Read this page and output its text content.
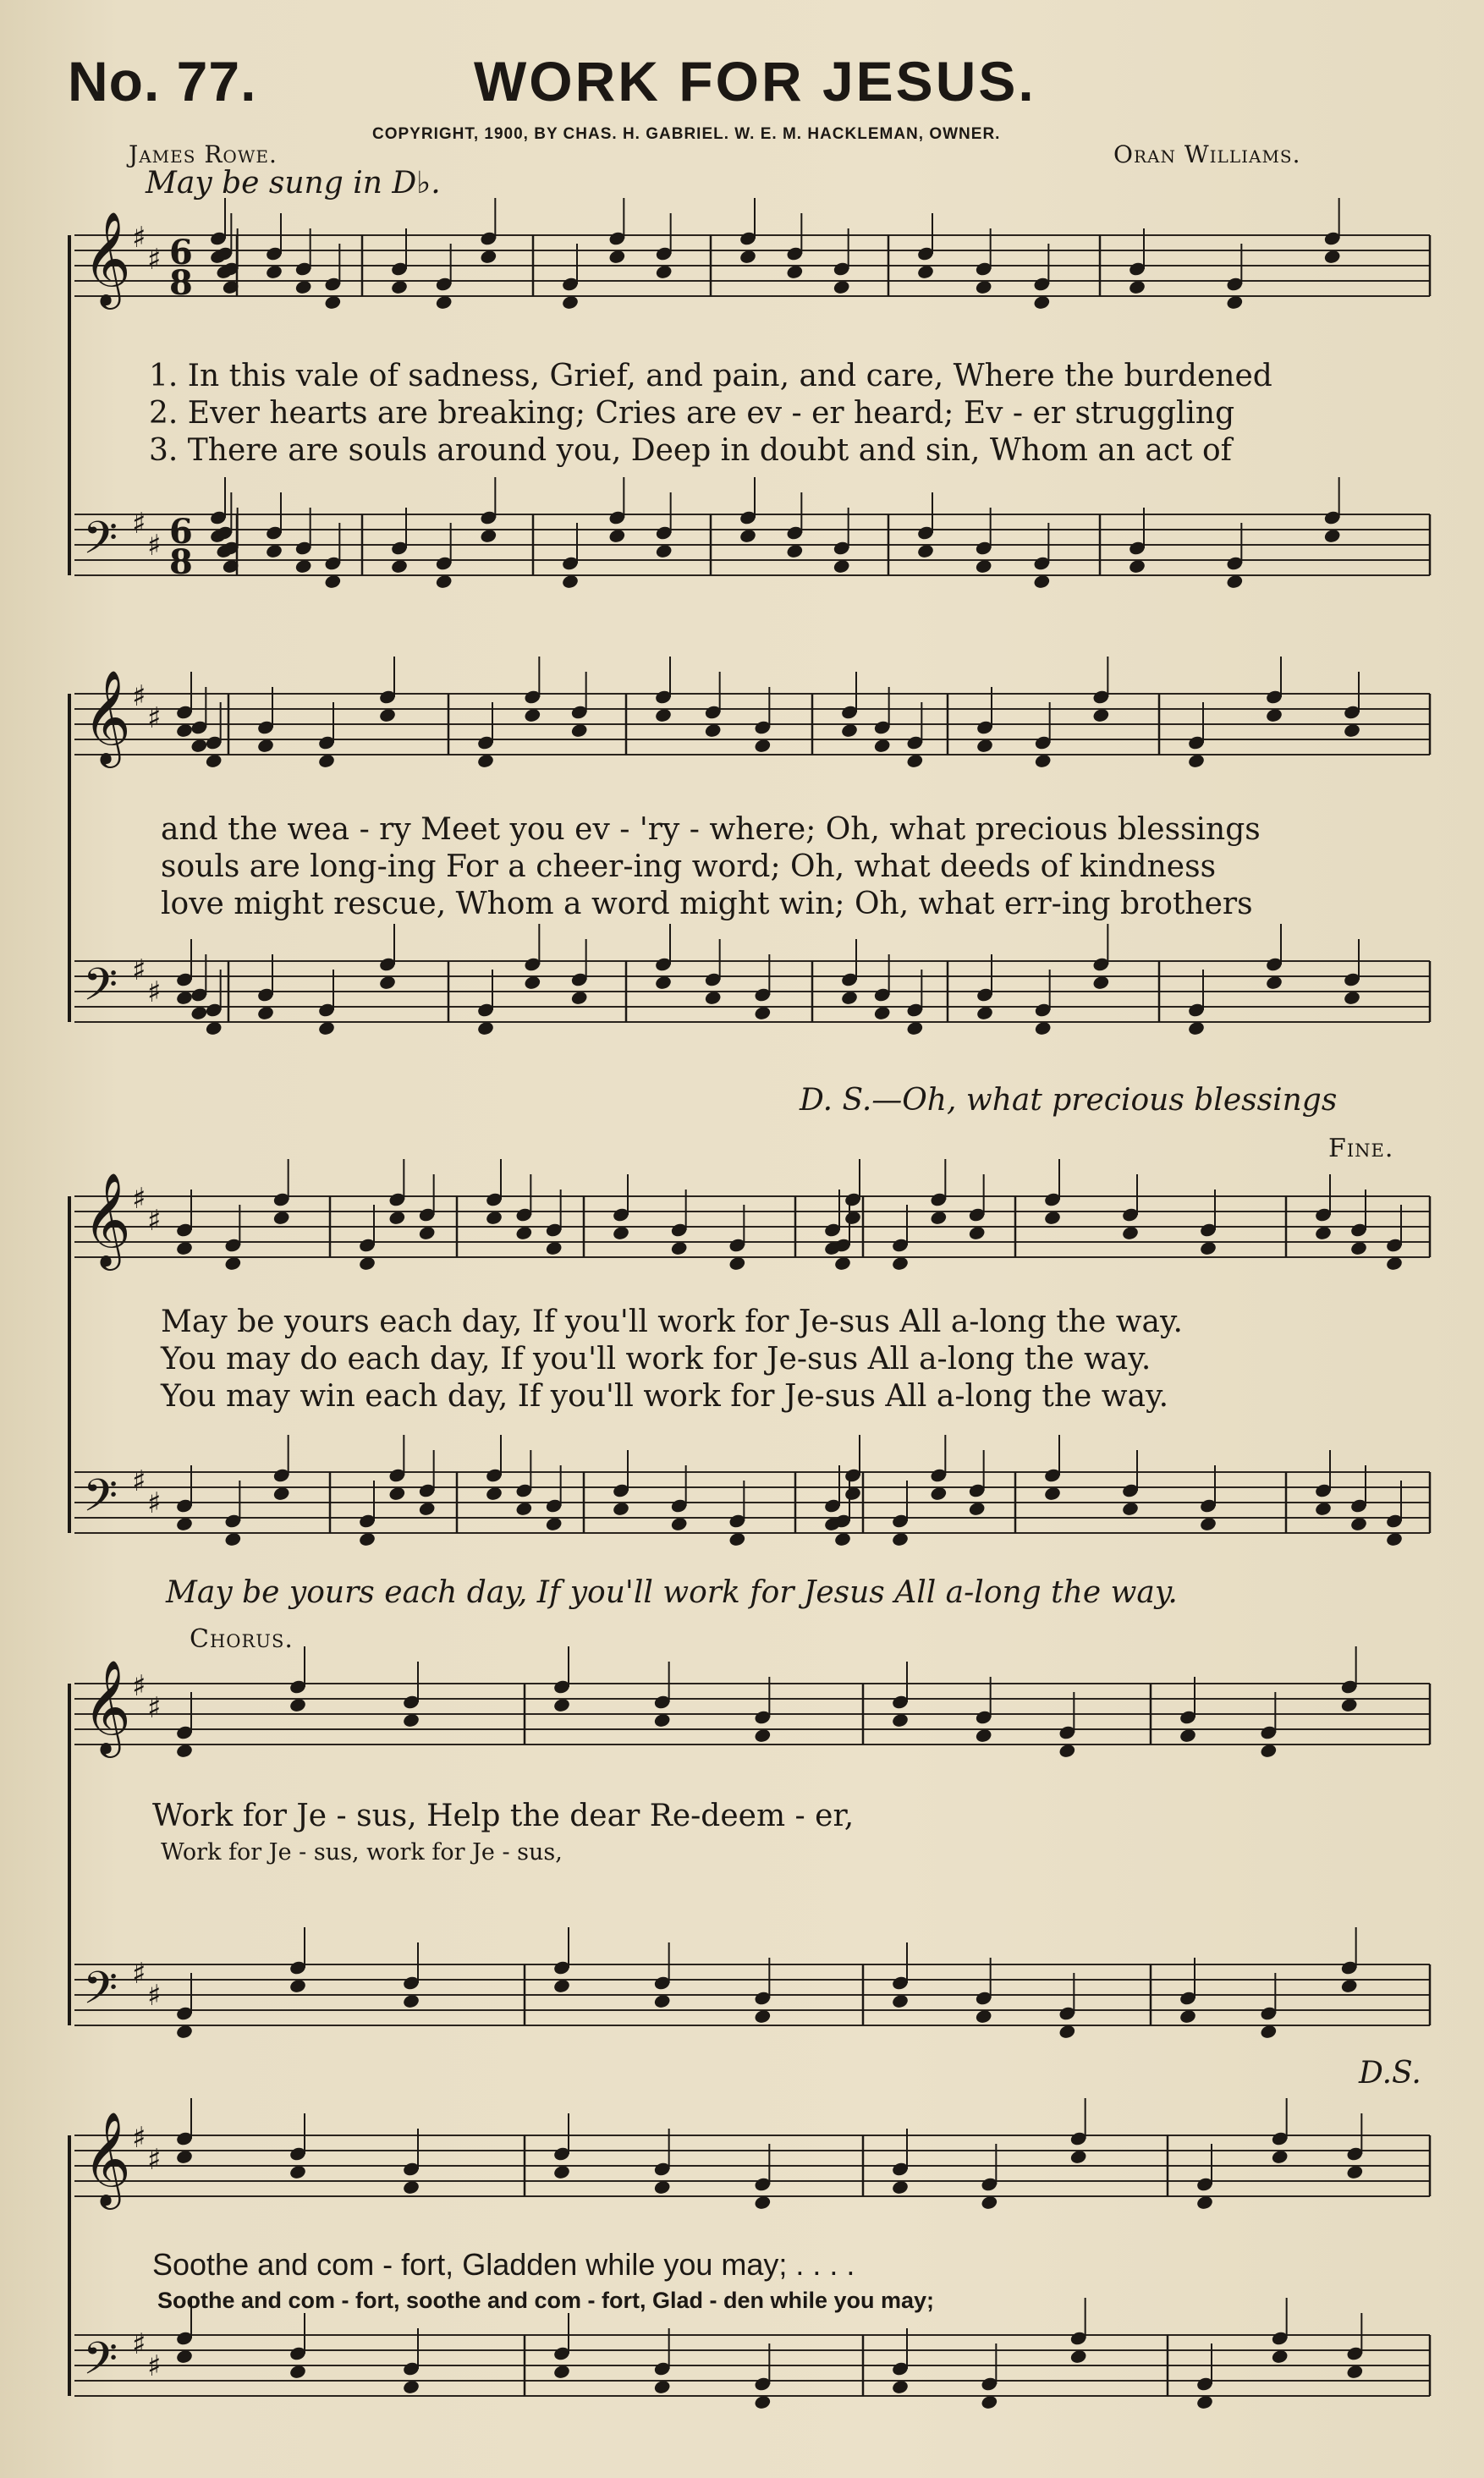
No. 77.	WORK FOR JESUS.
COPYRIGHT, 1900, BY CHAS. H. GABRIEL. W. E. M. HACKLEMAN, OWNER.
James Rowe.	Oran Williams.
May be sung in D♭.
𝄞 ♯
♯ 6
8
𝄢 ♯
♯ 6
8
𝄞 ♯
♯
𝄢 ♯
♯
𝄞 ♯
♯
𝄢 ♯
♯
𝄞 ♯
♯
𝄢 ♯
♯
𝄞 ♯
♯
𝄢 ♯
♯
1. In this vale of sadness, Grief, and pain, and care, Where the burdened
2. Ever hearts are breaking; Cries are ev - er heard; Ev - er struggling
3. There are souls around you, Deep in doubt and sin, Whom an act of
and the wea - ry Meet you ev - 'ry - where; Oh, what precious blessings
souls are long-ing For a cheer-ing word; Oh, what deeds of kindness
love might rescue, Whom a word might win; Oh, what err-ing brothers
D. S.—Oh, what precious blessings
Fine.
May be yours each day, If you'll work for Je-sus All a-long the way.
You may do each day, If you'll work for Je-sus All a-long the way.
You may win each day, If you'll work for Je-sus All a-long the way.
May be yours each day, If you'll work for Jesus All a-long the way.
Chorus.
Work for Je - sus, Help the dear Re-deem - er,
Work for Je - sus, work for Je - sus,
Soothe and com - fort, Gladden while you may; . . . .
Soothe and com - fort, soothe and com - fort, Glad - den while you may;
D.S.
